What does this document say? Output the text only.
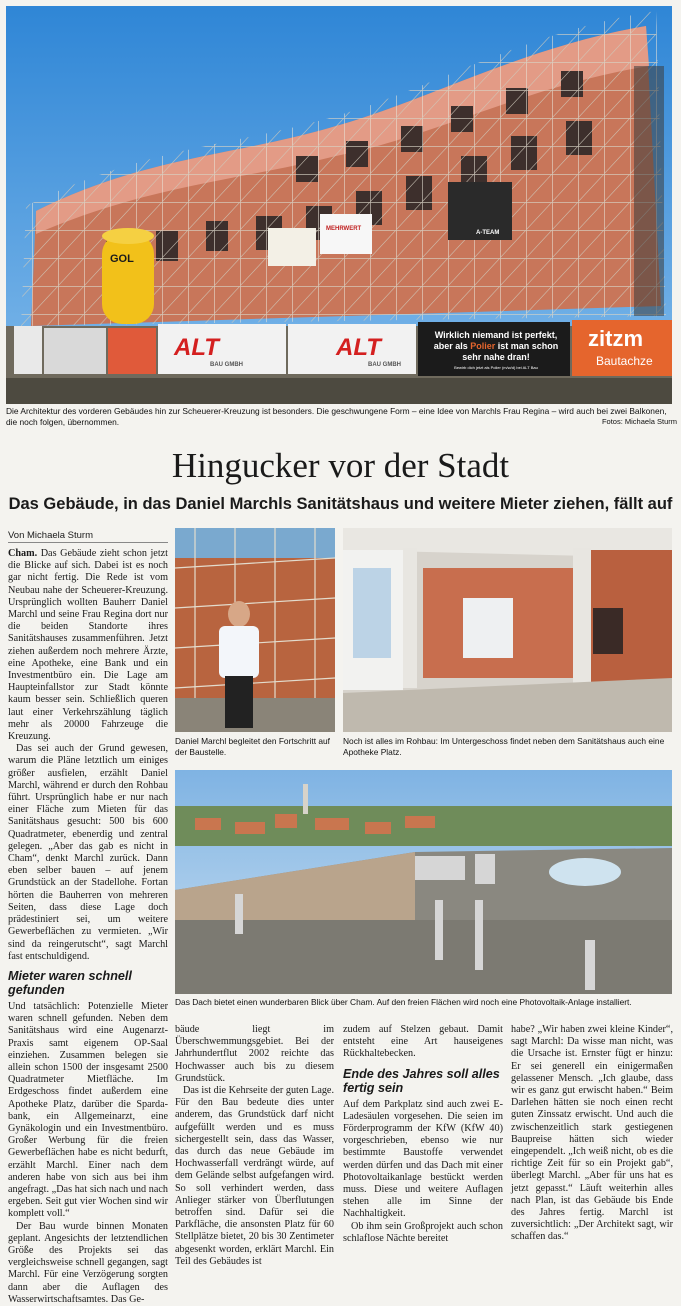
GOL
ALT
BAU GMBH
ALT
BAU GMBH
MEHRWERT
A-TEAM
Wirklich niemand ist perfekt,
aber als Polier ist man schon
sehr nahe dran!
Bewirb dich jetzt als Polier (m/w/d) bei ALT Bau
zitzm
Bautachze
Die Architektur des vorderen Gebäudes hin zur Scheuerer-Kreuzung ist besonders. Die geschwungene Form – eine Idee von Marchls Frau Regina – wird auch bei zwei Balkonen, die noch folgen, übernommen.	Fotos: Michaela Sturm
Hingucker vor der Stadt
Das Gebäude, in das Daniel Marchls Sanitätshaus und weitere Mieter ziehen, fällt auf
Von Michaela Sturm

Cham. Das Gebäude zieht schon jetzt die Blicke auf sich. Dabei ist es noch gar nicht fertig. Die Rede ist vom Neubau nahe der Scheuerer-Kreuzung. Ursprünglich wollten Bauherr Daniel Marchl und seine Frau Regina dort nur die beiden Standorte ihres Sanitätshauses zusammenführen. Jetzt ziehen außerdem noch mehrere Ärzte, eine Apotheke, eine Bank und ein Investmentbüro ein. Die Lage am Haupteinfallstor zur Stadt könnte kaum besser sein. Schließlich queren laut einer Verkehrszählung täglich mehr als 20000 Fahrzeuge die Kreuzung.

Das sei auch der Grund gewesen, warum die Pläne letztlich um einiges größer ausfielen, erzählt Daniel Marchl, während er durch den Rohbau führt. Ursprünglich habe er nur nach einer Fläche zum Mieten für das Sanitätshaus gesucht: 500 bis 600 Quadratmeter, ebenerdig und zentral gelegen. „Aber das gab es nicht in Cham“, denkt Marchl zurück. Dann eben selber bauen – auf jenem Grundstück an der Stadellohe. Fortan hörten die Bauherren von mehreren Seiten, dass diese Lage doch prädestiniert sei, um weitere Gewerbeflächen zu vermieten. „Wir sind da reingerutscht“, sagt Marchl fast entschuldigend.

Mieter waren schnell gefunden

Und tatsächlich: Potenzielle Mieter waren schnell gefunden. Neben dem Sanitätshaus wird eine Augenarzt-Praxis samt eigenem OP-Saal einziehen. Zusammen belegen sie allein schon 1500 der insgesamt 2500 Quadratmeter Mietfläche. Im Erdgeschoss findet außerdem eine Apotheke Platz, darüber die Sparda-bank, ein Allgemeinarzt, eine Gynäkologin und ein Investmentbüro. Großer Werbung für die freien Gewerbeflächen habe es nicht bedurft, erzählt Marchl. Einer nach dem anderen habe von sich aus bei ihm angefragt. „Das hat sich nach und nach ergeben. Seit gut vier Wochen sind wir komplett voll.“

Der Bau wurde binnen Monaten geplant. Angesichts der letztendlichen Größe des Projekts sei das vergleichsweise schnell gegangen, sagt Marchl. Für eine Verzögerung sorgten dann aber die Auflagen des Wasserwirtschaftsamtes. Das Ge-

Daniel Marchl begleitet den Fortschritt auf der Baustelle.
Noch ist alles im Rohbau: Im Untergeschoss findet neben dem Sanitätshaus auch eine Apotheke Platz.
Das Dach bietet einen wunderbaren Blick über Cham. Auf den freien Flächen wird noch eine Photovoltaik-Anlage installiert.

bäude liegt im Überschwemmungsgebiet. Bei der Jahrhundertflut 2002 reichte das Hochwasser auch bis zu diesem Grundstück.

Das ist die Kehrseite der guten Lage. Für den Bau bedeute dies unter anderem, das Grundstück darf nicht aufgefüllt werden und es muss sichergestellt sein, dass das Wasser, das durch das neue Gebäude im Hochwasserfall verdrängt würde, auf dem Gelände selbst aufgefangen wird. So soll verhindert werden, dass Anlieger stärker von Überflutungen betroffen sind. Dafür sei die Parkfläche, die ansonsten Platz für 60 Stellplätze bietet, 20 bis 30 Zentimeter abgesenkt worden, erklärt Marchl. Ein Teil des Gebäudes ist

zudem auf Stelzen gebaut. Damit entsteht eine Art hauseigenes Rückhaltebecken.

Ende des Jahres soll alles fertig sein

Auf dem Parkplatz sind auch zwei E-Ladesäulen vorgesehen. Die seien im Förderprogramm der KfW (KfW 40) vorgeschrieben, ebenso wie nur bestimmte Baustoffe verwendet werden dürfen und das Dach mit einer Photovoltaikanlage bestückt werden muss. Diese und weitere Auflagen stehen alle im Sinne der Nachhaltigkeit.

Ob ihm sein Großprojekt auch schon schlaflose Nächte bereitet

habe? „Wir haben zwei kleine Kinder“, sagt Marchl: Da wisse man nicht, was die Ursache ist. Ernster fügt er hinzu: Er sei generell ein einigermaßen gelassener Mensch. „Ich glaube, dass wir es ganz gut erwischt haben.“ Beim Darlehen hätten sie noch einen recht guten Zinssatz erwischt. Und auch die zwischenzeitlich stark gestiegenen Baupreise hätten sich wieder eingependelt. „Ich weiß nicht, ob es die richtige Zeit für so ein Projekt gab“, überlegt Marchl. „Aber für uns hat es jetzt gepasst.“ Läuft weiterhin alles nach Plan, ist das Gebäude bis Ende des Jahres fertig. Marchl ist zuversichtlich: „Der Architekt sagt, wir schaffen das.“
